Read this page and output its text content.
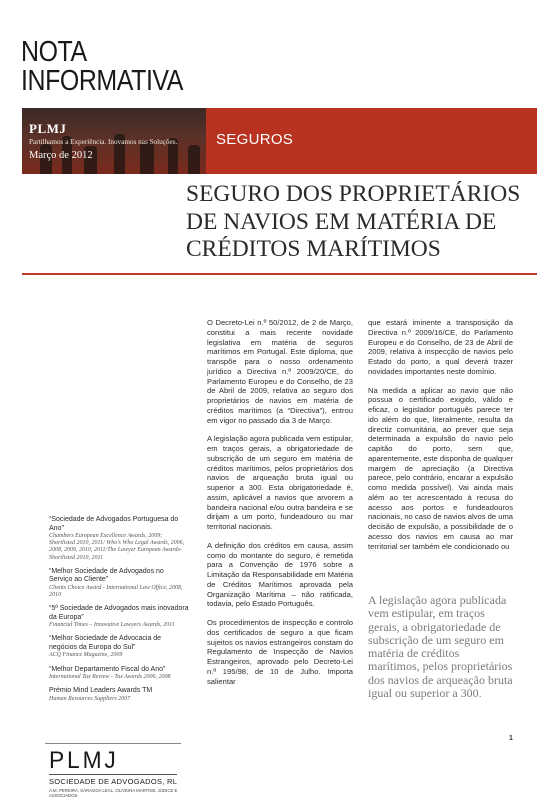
NOTA
INFORMATIVA
PLMJ
Partilhamos a Experiência. Inovamos nas Soluções.
Março de 2012
SEGUROS
SEGURO DOS PROPRIETÁRIOS
DE NAVIOS EM MATÉRIA DE
CRÉDITOS MARÍTIMOS

O Decreto-Lei n.º 50/2012, de 2 de Março, constitui a mais recente novidade legislativa em matéria de seguros marítimos em Portugal. Este diploma, que transpõe para o nosso ordenamento jurídico a Directiva n.º 2009/20/CE, do Parlamento Europeu e do Conselho, de 23 de Abril de 2009, relativa ao seguro dos proprietários de navios em matéria de créditos marítimos (a “Directiva”), entrou em vigor no passado dia 3 de Março.

A legislação agora publicada vem estipular, em traços gerais, a obrigatoriedade de subscrição de um seguro em matéria de créditos marítimos, pelos proprietários dos navios de arqueação bruta igual ou superior a 300. Esta obrigatoriedade é, assim, aplicável a navios que arvorem a bandeira nacional e/ou outra bandeira e se dirijam a um porto, fundeadouro ou mar territorial nacionais.

A definição dos créditos em causa, assim como do montante do seguro, é remetida para a Convenção de 1976 sobre a Limitação da Responsabilidade em Matéria de Créditos Marítimos aprovada pela Organização Marítima – não ratificada, todavia, pelo Estado Português.

Os procedimentos de inspecção e controlo dos certificados de seguro a que ficam sujeitos os navios estrangeiros constam do Regulamento de Inspecção de Navios Estrangeiros, aprovado pelo Decreto-Lei n.º 195/98, de 10 de Julho. Importa salientar

que estará iminente a transposição da Directiva n.º 2009/16/CE, do Parlamento Europeu e do Conselho, de 23 de Abril de 2009, relativa à inspecção de navios pelo Estado do porto, a qual deverá trazer novidades importantes neste domínio.

Na medida a aplicar ao navio que não possua o certificado exigido, válido e eficaz, o legislador português parece ter ido além do que, literalmente, resulta da directiz comunitária, ao prever que seja determinada a expulsão do navio pelo capitão do porto, sem que, aparentemente, este disponha de qualquer margem de apreciação (a Directiva parece, pelo contrário, encarar a expulsão como medida possível). Vai ainda mais além ao ter acrescentado à recusa do acesso aos portos e fundeadouros nacionais, no caso de navios alvos de uma decisão de expulsão, a possibilidade de o acesso dos navios em causa ao mar territorial ser também ele condicionado ou

A legislação agora publicada vem estipular, em traços gerais, a obrigatoriedade de subscrição de um seguro em matéria de créditos marítimos, pelos proprietários dos navios de arqueação bruta igual ou superior a 300.
1
“Sociedade de Advogados Portuguesa do Ano”
Chambers European Excellence Awards, 2009; Shortlisted 2010, 2011/ Who's Who Legal Awards, 2006, 2008, 2009, 2010, 2011/The Lawyer European Awards-Shortlisted 2010, 2011
“Melhor Sociedade de Advogados no Serviço ao Cliente”
Clients Choice Award - International Law Office, 2008, 2010
“5ª Sociedade de Advogados mais inovadora da Europa”
Financial Times – Innovative Lawyers Awards, 2011
“Melhor Sociedade de Advocacia de negócios da Europa do Sul”
ACQ Finance Magazine, 2009
“Melhor Departamento Fiscal do Ano”
International Tax Review - Tax Awards 2006, 2008
Prémio Mind Leaders Awards TM
Human Resources Suppliers 2007
PLMJ
SOCIEDADE DE ADVOGADOS, RL
A.M. PEREIRA, SÁRAGGA LEAL, OLIVEIRA MARTINS, JÚDICE E ASSOCIADOS
